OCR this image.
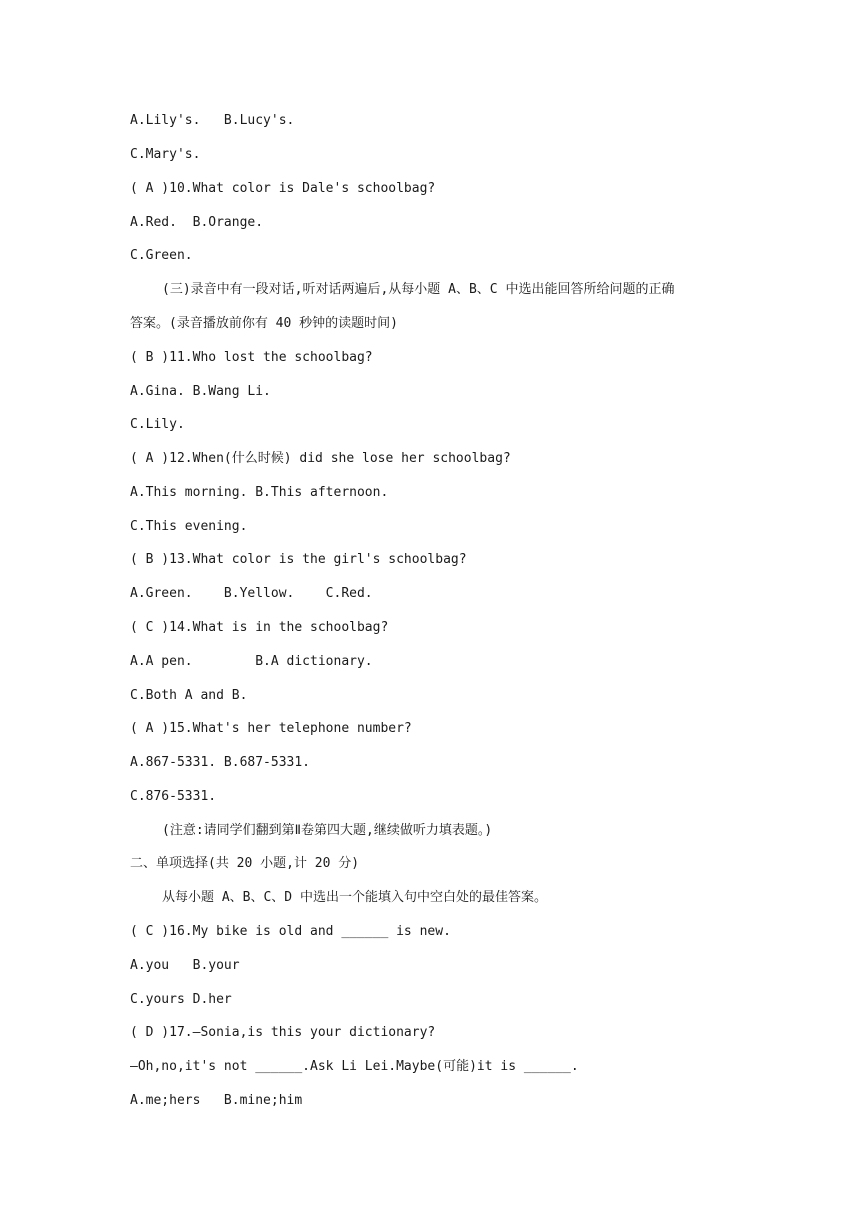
A.Lily's.   B.Lucy's.
C.Mary's.
( A )10.What color is Dale's schoolbag?
A.Red.  B.Orange.
C.Green.
(三)录音中有一段对话,听对话两遍后,从每小题 A、B、C 中选出能回答所给问题的正确
答案。(录音播放前你有 40 秒钟的读题时间)
( B )11.Who lost the schoolbag?
A.Gina. B.Wang Li.
C.Lily.
( A )12.When(什么时候) did she lose her schoolbag?
A.This morning. B.This afternoon.
C.This evening.
( B )13.What color is the girl's schoolbag?
A.Green.    B.Yellow.    C.Red.
( C )14.What is in the schoolbag?
A.A pen.        B.A dictionary.
C.Both A and B.
( A )15.What's her telephone number?
A.867-5331. B.687-5331.
C.876-5331.
(注意:请同学们翻到第Ⅱ卷第四大题,继续做听力填表题。)
二、单项选择(共 20 小题,计 20 分)
从每小题 A、B、C、D 中选出一个能填入句中空白处的最佳答案。
( C )16.My bike is old and ______ is new.
A.you   B.your
C.yours D.her
( D )17.—Sonia,is this your dictionary?
—Oh,no,it's not ______.Ask Li Lei.Maybe(可能)it is ______.
A.me;hers   B.mine;him
